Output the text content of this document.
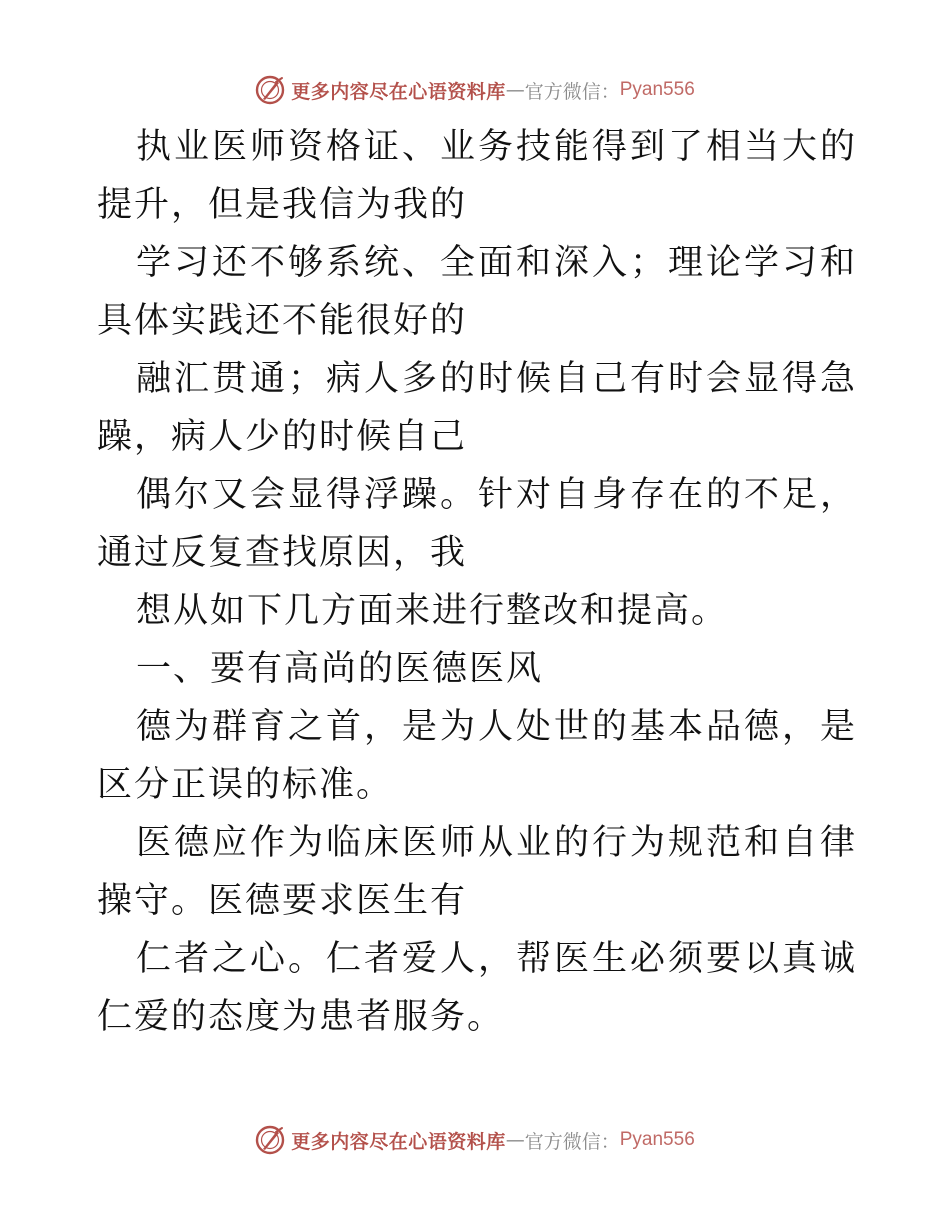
更多内容尽在心语资料库 — 官方微信： Pyan556

执业医师资格证、业务技能得到了相当大的提升，但是我信为我的

学习还不够系统、全面和深入；理论学习和具体实践还不能很好的

融汇贯通；病人多的时候自己有时会显得急躁，病人少的时候自己

偶尔又会显得浮躁。针对自身存在的不足，通过反复查找原因，我

想从如下几方面来进行整改和提高。

一、要有高尚的医德医风

德为群育之首，是为人处世的基本品德，是区分正误的标准。

医德应作为临床医师从业的行为规范和自律操守。医德要求医生有

仁者之心。仁者爱人，帮医生必须要以真诚仁爱的态度为患者服务。

更多内容尽在心语资料库 — 官方微信： Pyan556
